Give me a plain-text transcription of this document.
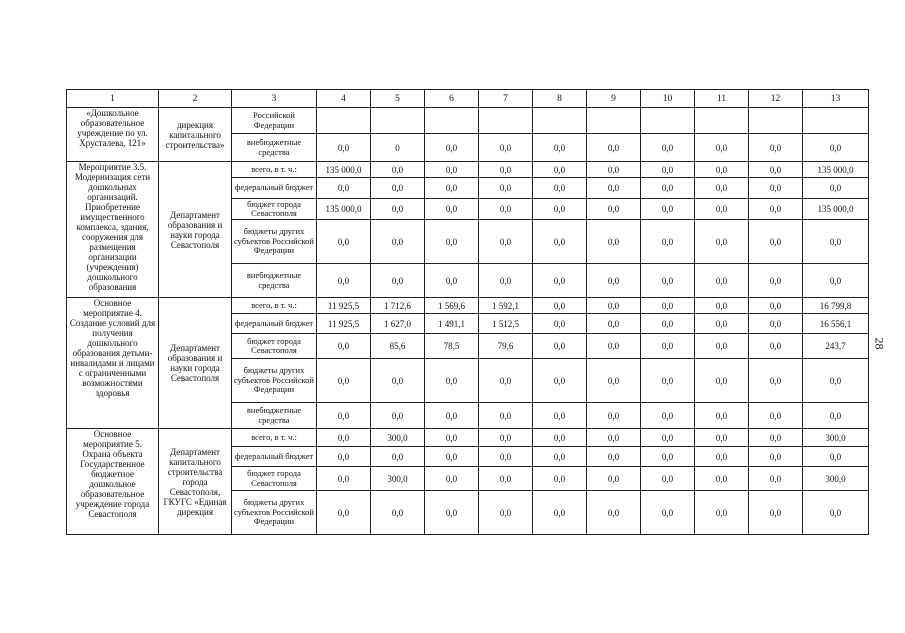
1	2	3	4	5	6	7	8	9	10	11	12	13
«Дошкольное образовательное учреждение по ул. Хрусталева, 121»	дирекция капитального строительства»	Российской Федерации										
		внебюджетные средства	0,0	0	0,0	0,0	0,0	0,0	0,0	0,0	0,0	0,0
Мероприятие 3.5. Модернизация сети дошкольных организаций. Приобретение имущественного комплекса, здания, сооружения для размещения организации (учреждения) дошкольного образования	Департамент образования и науки города Севастополя	всего, в т. ч.:	135 000,0	0,0	0,0	0,0	0,0	0,0	0,0	0,0	0,0	135 000,0
		федеральный бюджет	0,0	0,0	0,0	0,0	0,0	0,0	0,0	0,0	0,0	0,0
		бюджет города Севастополя	135 000,0	0,0	0,0	0,0	0,0	0,0	0,0	0,0	0,0	135 000,0
		бюджеты других субъектов Российской Федерации	0,0	0,0	0,0	0,0	0,0	0,0	0,0	0,0	0,0	0,0
		внебюджетные средства	0,0	0,0	0,0	0,0	0,0	0,0	0,0	0,0	0,0	0,0
Основное мероприятие 4. Создание условий для получения дошкольного образования детьми-инвалидами и лицами с ограниченными возможностями здоровья	Департамент образования и науки города Севастополя	всего, в т. ч.:	11 925,5	1 712,6	1 569,6	1 592,1	0,0	0,0	0,0	0,0	0,0	16 799,8
		федеральный бюджет	11 925,5	1 627,0	1 491,1	1 512,5	0,0	0,0	0,0	0,0	0,0	16 556,1
		бюджет города Севастополя	0,0	85,6	78,5	79,6	0,0	0,0	0,0	0,0	0,0	243,7
		бюджеты других субъектов Российской Федерации	0,0	0,0	0,0	0,0	0,0	0,0	0,0	0,0	0,0	0,0
		внебюджетные средства	0,0	0,0	0,0	0,0	0,0	0,0	0,0	0,0	0,0	0,0
Основное мероприятие 5. Охрана объекта Государственное бюджетное дошкольное образовательное учреждение города Севастополя	Департамент капитального строительства города Севастополя, ГКУГС «Единая дирекция	всего, в т. ч.:	0,0	300,0	0,0	0,0	0,0	0,0	0,0	0,0	0,0	300,0
		федеральный бюджет	0,0	0,0	0,0	0,0	0,0	0,0	0,0	0,0	0,0	0,0
		бюджет города Севастополя	0,0	300,0	0,0	0,0	0,0	0,0	0,0	0,0	0,0	300,0
		бюджеты других субъектов Российской Федерации	0,0	0,0	0,0	0,0	0,0	0,0	0,0	0,0	0,0	0,0
28
